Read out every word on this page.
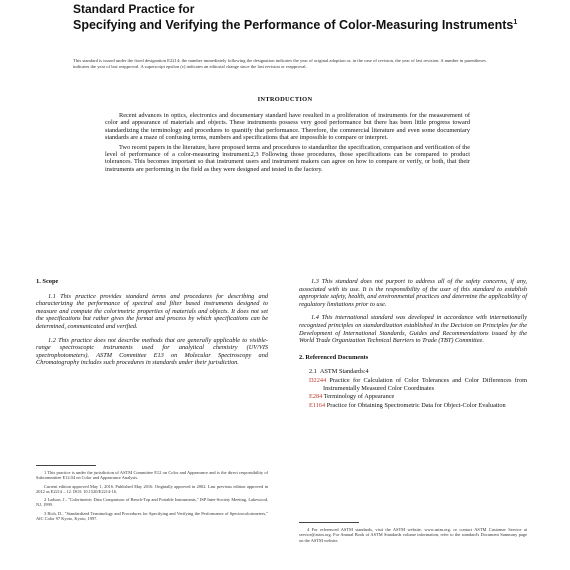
Standard Practice for
Specifying and Verifying the Performance of Color-Measuring Instruments$^1$
This standard is issued under the fixed designation E2214; the number immediately following the designation indicates the year of original adoption or, in the case of revision, the year of last revision. A number in parentheses indicates the year of last reapproval. A superscript epsilon (ε) indicates an editorial change since the last revision or reapproval.
INTRODUCTION

Recent advances in optics, electronics and documentary standard have resulted in a proliferation of instruments for the measurement of color and appearance of materials and objects. These instruments possess very good performance but there has been little progress toward standardizing the terminology and procedures to quantify that performance. Therefore, the commercial literature and even some documentary standards are a maze of confusing terms, numbers and specifications that are impossible to compare or interpret.

Two recent papers in the literature, have proposed terms and procedures to standardize the specification, comparison and verification of the level of performance of a color-measuring instrument.2,3 Following those procedures, those specifications can be compared to product tolerances. This becomes important so that instrument users and instrument makers can agree on how to compare or verify, or both, that their instruments are performing in the field as they were designed and tested in the factory.

1. Scope

1.1 This practice provides standard terms and procedures for describing and characterizing the performance of spectral and filter based instruments designed to measure and compute the colorimetric properties of materials and objects. It does not set the specifications but rather gives the format and process by which specifications can be determined, communicated and verified.

1.2 This practice does not describe methods that are generally applicable to visible-range spectroscopic instruments used for analytical chemistry (UV/VIS spectrophotometers). ASTM Committee E13 on Molecular Spectroscopy and Chromatography includes such procedures in standards under their jurisdiction.

1.3 This standard does not purport to address all of the safety concerns, if any, associated with its use. It is the responsibility of the user of this standard to establish appropriate safety, health, and environmental practices and determine the applicability of regulatory limitations prior to use.

1.4 This international standard was developed in accordance with internationally recognized principles on standardization established in the Decision on Principles for the Development of International Standards, Guides and Recommendations issued by the World Trade Organization Technical Barriers to Trade (TBT) Committee.

2. Referenced Documents
2.1 ASTM Standards:4
D2244 Practice for Calculation of Color Tolerances and Color Differences from Instrumentally Measured Color Coordinates
E284 Terminology of Appearance
E1164 Practice for Obtaining Spectrometric Data for Object-Color Evaluation

1 This practice is under the jurisdiction of ASTM Committee E12 on Color and Appearance and is the direct responsibility of Subcommittee E12.04 on Color and Appearance Analysis.

Current edition approved May 1, 2016. Published May 2016. Originally approved in 2002. Last previous edition approved in 2012 as E2214 – 12. DOI: 10.1520/E2214-16.

2 Ladson, J., "Colorimetric Data Comparison of Bench-Top and Portable Instruments," ISP Inter-Society Meeting, Lakewood, NJ, 1999.

3 Rich, D., "Standardized Terminology and Procedures for Specifying and Verifying the Performance of Spectrocolorimeters," AIC Color 97 Kyoto, Kyoto, 1997.

4 For referenced ASTM standards, visit the ASTM website, www.astm.org, or contact ASTM Customer Service at service@astm.org. For Annual Book of ASTM Standards volume information, refer to the standard's Document Summary page on the ASTM website.
